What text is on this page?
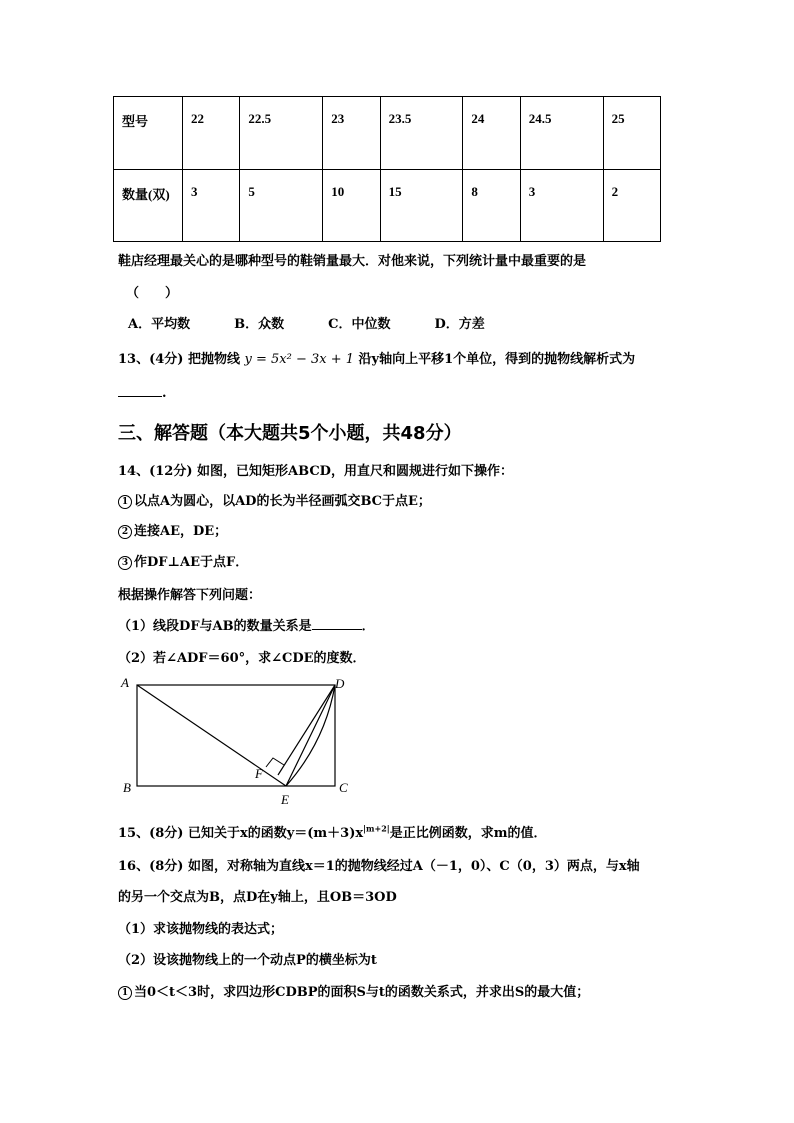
型号	22	22.5	23	23.5	24	24.5	25
数量(双)	3	5	10	15	8	3	2
鞋店经理最关心的是哪种型号的鞋销量最大．对他来说，下列统计量中最重要的是
（　　）
A．平均数	B．众数	C．中位数	D．方差
13、(4分) 把抛物线 y = 5x² − 3x + 1 沿y轴向上平移1个单位，得到的抛物线解析式为
.
三、解答题（本大题共5个小题，共48分）
14、(12分) 如图，已知矩形ABCD，用直尺和圆规进行如下操作：
1 以点A为圆心，以AD的长为半径画弧交BC于点E；
2 连接AE，DE；
3 作DF⊥AE于点F．
根据操作解答下列问题：
（1）线段DF与AB的数量关系是	．
（2）若∠ADF＝60°，求∠CDE的度数．
A	D
B	C
E
F
15、(8分) 已知关于x的函数$y=(m+3)x^{|m+2|}$是正比例函数，求m的值．
16、(8分) 如图，对称轴为直线x＝1的抛物线经过A（－1，0）、C（0，3）两点，与x轴
的另一个交点为B，点D在y轴上，且OB＝3OD
（1）求该抛物线的表达式；
（2）设该抛物线上的一个动点P的横坐标为t
1 当0＜t＜3时，求四边形CDBP的面积S与t的函数关系式，并求出S的最大值；
